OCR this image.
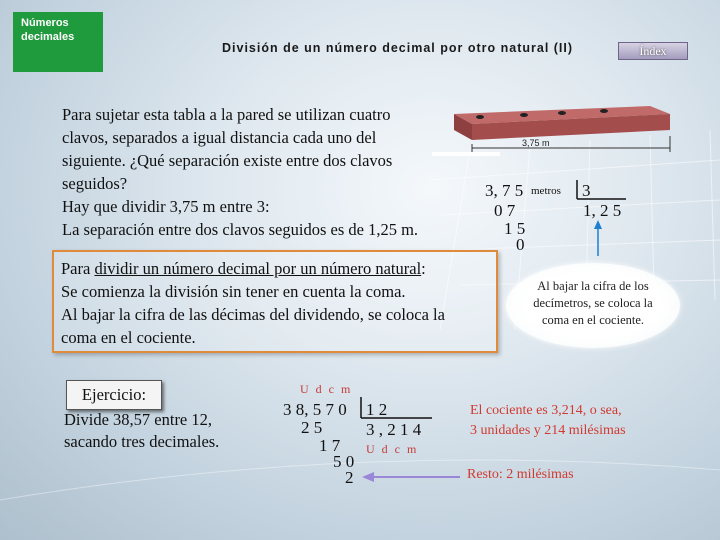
Números
decimales
División de un número decimal por otro natural (II)	Índex

Para sujetar esta tabla a la pared se utilizan cuatro

clavos, separados a igual distancia cada uno del

siguiente. ¿Qué separación existe entre dos clavos

seguidos?

Hay que dividir 3,75 m entre 3:

La separación entre dos clavos seguidos es de 1,25 m.

3,75 m
3, 7 5 metros 3
0 7	1, 2 5
1 5
0

Para dividir un número decimal por un número natural:

Se comienza la división sin tener en cuenta la coma.

Al bajar la cifra de las décimas del dividendo, se coloca la

coma en el cociente.

Al bajar la cifra de los
decímetros, se coloca la
coma en el cociente.
Ejercicio:

Divide 38,57 entre 12,

sacando tres decimales.

U d c m
3 8, 5 7 0 1 2
2 5	3 , 2 1 4
1 7 U d c m
5 0
2

El cociente es 3,214, o sea,

3 unidades y 214 milésimas

Resto: 2 milésimas
